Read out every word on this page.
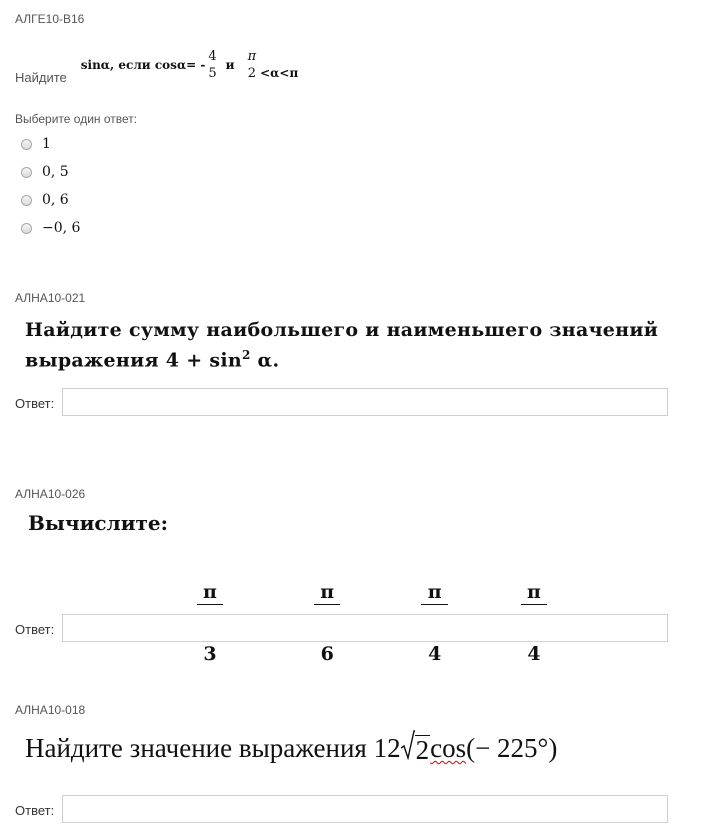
АЛГЕ10-В16
Найдите
sinα, если cosα= -
4
5
и
π
2 <α<π
Выберите один ответ:
1
0, 5
0, 6
−0, 6
АЛНА10-021
Найдите сумму наибольшего и наименьшего значений
выражения $4 + \sin^2 \alpha$.
Ответ:
АЛНА10-026
Вычислите:

$\frac{\pi}{3}$

	$\frac{\pi}{6}$

	$\frac{\pi}{4}$

	$\frac{\pi}{4}$

Ответ:
АЛНА10-018
Найдите значение выражения 12 2 cos (− 225°)
Ответ:
